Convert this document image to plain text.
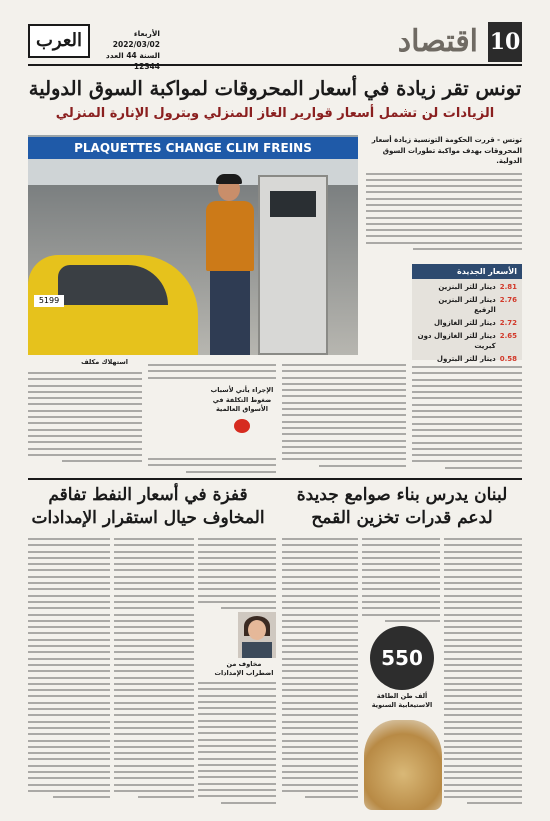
10
اقتصاد
العرب	الأربعاء 2022/03/02
السنة 44 العدد 12344
تونس تقر زيادة في أسعار المحروقات لمواكبة السوق الدولية
الزيادات لن تشمل أسعار قوارير الغاز المنزلي وبترول الإنارة المنزلي
PLAQUETTES CHANGE CLIM FREINS
5199
تونس - قررت الحكومة التونسية زيادة أسعار المحروقات بهدف مواكبة تطورات السوق الدولية.
الأسعار الجديدة
2.81
دينار للتر البنزين
2.76
دينار للتر البنزين الرفيع
2.72
دينار للتر الغازوال
2.65
دينار للتر الغازوال دون كبريت
0.58
دينار للتر البترول
استهلاك مكلف
الإجراء يأتي لأسباب ضغوط التكلفة في الأسواق العالمية
لبنان يدرس بناء صوامع جديدة لدعم قدرات تخزين القمح
قفزة في أسعار النفط تفاقم المخاوف حيال استقرار الإمدادات
550
ألف طن الطاقة الاستيعابية السنوية
مخاوف من اضطراب الإمدادات
